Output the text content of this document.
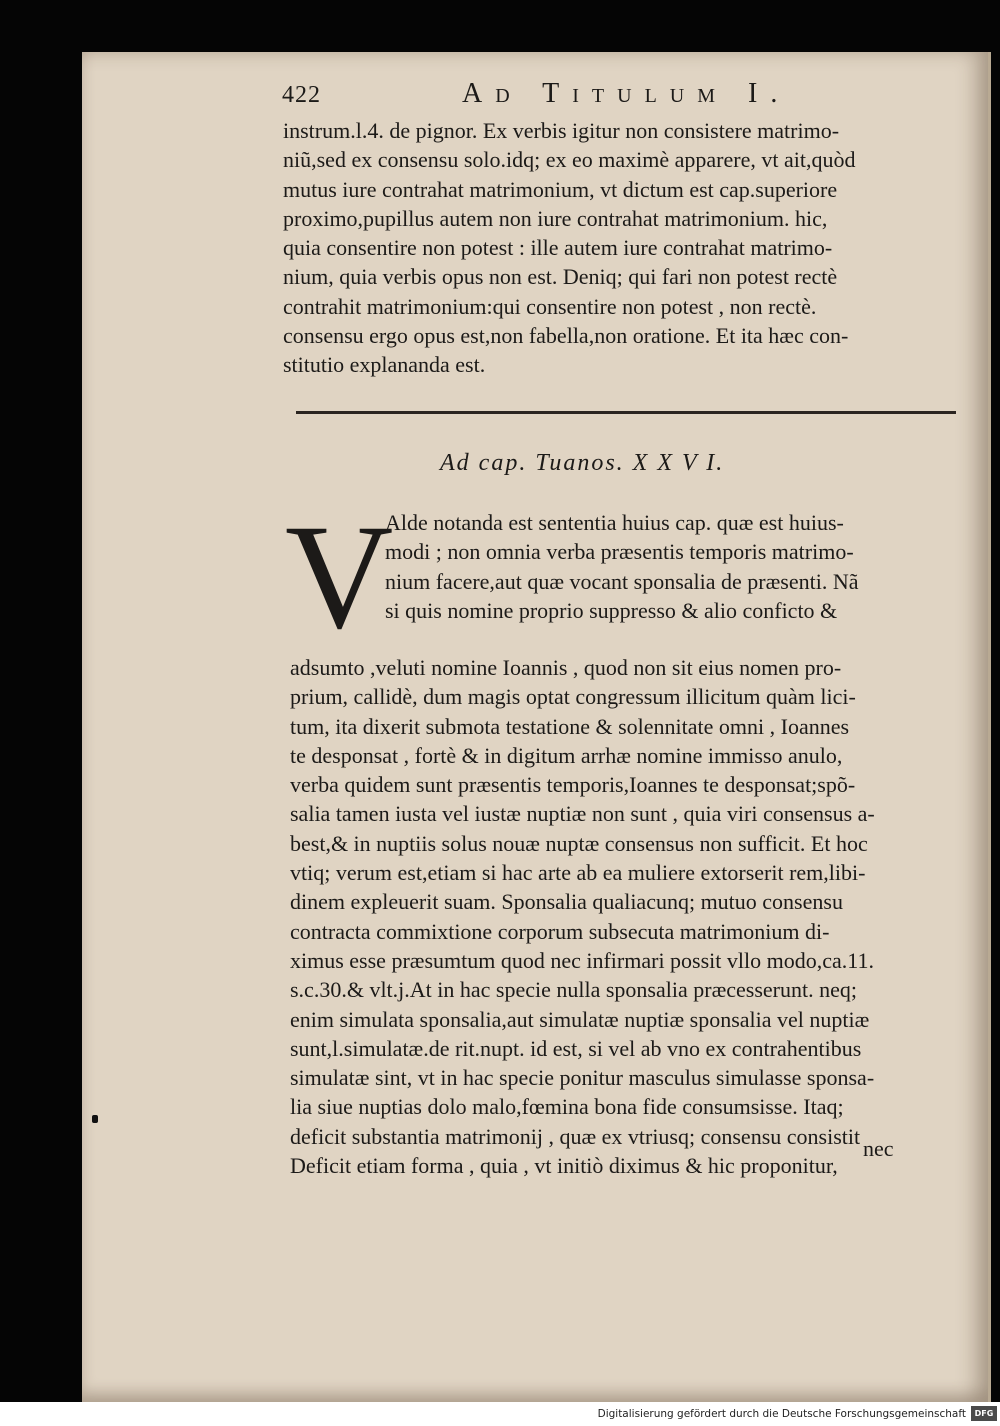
422	Ad Titulum I.
instrum.l.4. de pignor. Ex verbis igitur non consistere matrimo-
niũ,sed ex consensu solo.idq; ex eo maximè apparere, vt ait,quòd
mutus iure contrahat matrimonium, vt dictum est cap.superiore
proximo,pupillus autem non iure contrahat matrimonium. hic,
quia consentire non potest : ille autem iure contrahat matrimo-
nium, quia verbis opus non est. Deniq; qui fari non potest rectè
contrahit matrimonium:qui consentire non potest , non rectè.
consensu ergo opus est,non fabella,non oratione. Et ita hæc con-
stitutio explananda est.
Ad cap. Tuanos. X X V I.
V
Alde notanda est sententia huius cap. quæ est huius-
modi ; non omnia verba præsentis temporis matrimo-
nium facere,aut quæ vocant sponsalia de præsenti. Nã
si quis nomine proprio suppresso & alio conficto &
adsumto ,veluti nomine Ioannis , quod non sit eius nomen pro-
prium, callidè, dum magis optat congressum illicitum quàm lici-
tum, ita dixerit submota testatione & solennitate omni , Ioannes
te desponsat , fortè & in digitum arrhæ nomine immisso anulo,
verba quidem sunt præsentis temporis,Ioannes te desponsat;spõ-
salia tamen iusta vel iustæ nuptiæ non sunt , quia viri consensus a-
best,& in nuptiis solus nouæ nuptæ consensus non sufficit. Et hoc
vtiq; verum est,etiam si hac arte ab ea muliere extorserit rem,libi-
dinem expleuerit suam. Sponsalia qualiacunq; mutuo consensu
contracta commixtione corporum subsecuta matrimonium di-
ximus esse præsumtum quod nec infirmari possit vllo modo,ca.11.
s.c.30.& vlt.j.At in hac specie nulla sponsalia præcesserunt. neq;
enim simulata sponsalia,aut simulatæ nuptiæ sponsalia vel nuptiæ
sunt,l.simulatæ.de rit.nupt. id est, si vel ab vno ex contrahentibus
simulatæ sint, vt in hac specie ponitur masculus simulasse sponsa-
lia siue nuptias dolo malo,fœmina bona fide consumsisse. Itaq;
deficit substantia matrimonij , quæ ex vtriusq; consensu consistit
Deficit etiam forma , quia , vt initiò diximus & hic proponitur,
nec
Digitalisierung gefördert durch die Deutsche Forschungsgemeinschaft	DFG
